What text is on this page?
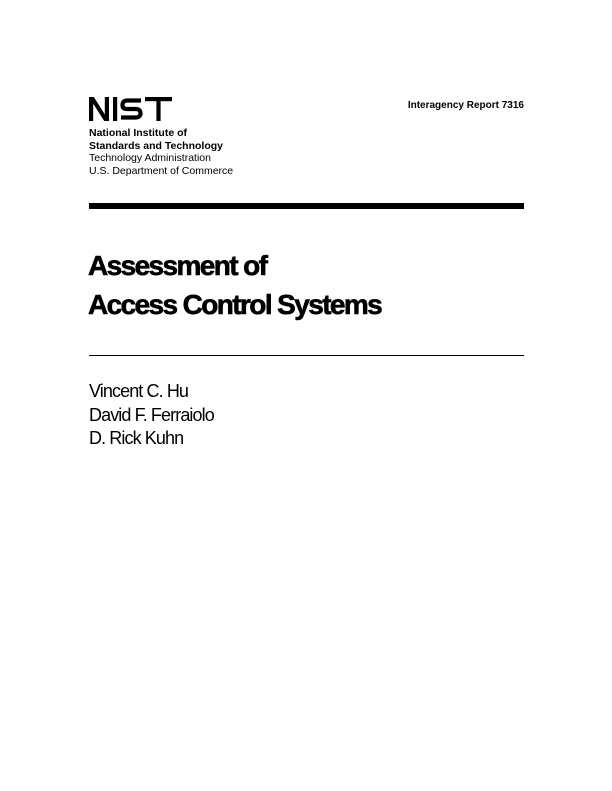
National Institute of
Standards and Technology
Technology Administration
U.S. Department of Commerce
Interagency Report 7316
Assessment of
Access Control Systems
Vincent C. Hu
David F. Ferraiolo
D. Rick Kuhn
